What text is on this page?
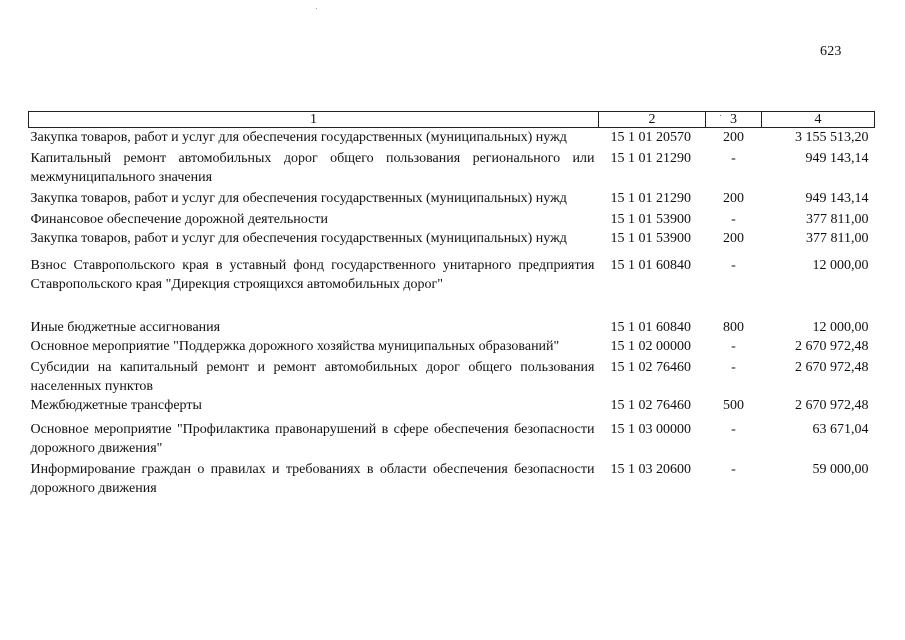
623
1	2	3	4
Закупка товаров, работ и услуг для обеспечения государственных (муниципальных) нужд	15 1 01 20570	200	3 155 513,20
Капитальный ремонт автомобильных дорог общего пользования регионального или межмуниципального значения	15 1 01 21290	-	949 143,14
Закупка товаров, работ и услуг для обеспечения государственных (муниципальных) нужд	15 1 01 21290	200	949 143,14
Финансовое обеспечение дорожной деятельности	15 1 01 53900	-	377 811,00
Закупка товаров, работ и услуг для обеспечения государственных (муниципальных) нужд	15 1 01 53900	200	377 811,00
Взнос Ставропольского края в уставный фонд государственного унитарного предприятия Ставропольского края "Дирекция строящихся автомобильных дорог"	15 1 01 60840	-	12 000,00
Иные бюджетные ассигнования	15 1 01 60840	800	12 000,00
Основное мероприятие "Поддержка дорожного хозяйства муниципальных образований"	15 1 02 00000	-	2 670 972,48
Субсидии на капитальный ремонт и ремонт автомобильных дорог общего пользования населенных пунктов	15 1 02 76460	-	2 670 972,48
Межбюджетные трансферты	15 1 02 76460	500	2 670 972,48
Основное мероприятие "Профилактика правонарушений в сфере обеспечения безопасности дорожного движения"	15 1 03 00000	-	63 671,04
Информирование граждан о правилах и требованиях в области обеспечения безопасности дорожного движения	15 1 03 20600	-	59 000,00
